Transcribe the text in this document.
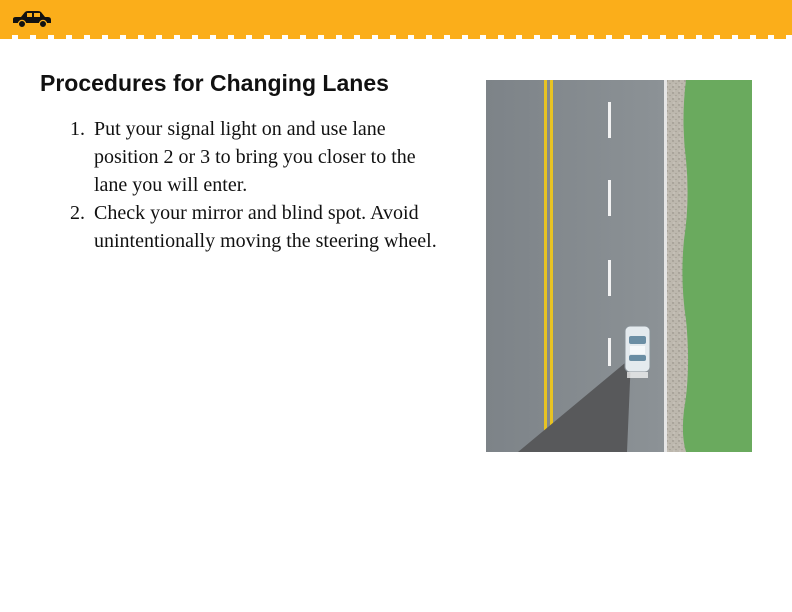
Procedures for Changing Lanes
1. Put your signal light on and use lane position 2 or 3 to bring you closer to the lane you will enter.
2. Check your mirror and blind spot. Avoid unintentionally moving the steering wheel.
